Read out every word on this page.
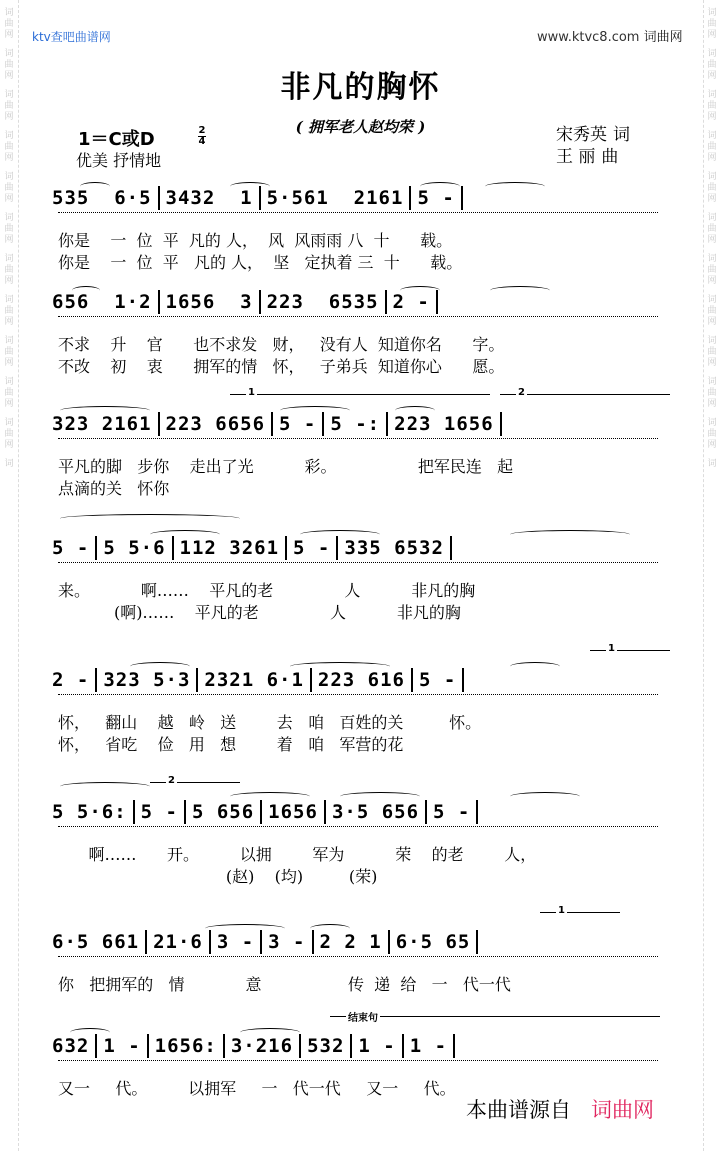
词
曲
网
词
曲
网
词
曲
网
词
曲
网
词
曲
网
词
曲
网
词
曲
网
词
曲
网
词
曲
网
词
曲
网
词
曲
网
词
词
曲
网
词
曲
网
词
曲
网
词
曲
网
词
曲
网
词
曲
网
词
曲
网
词
曲
网
词
曲
网
词
曲
网
词
曲
网
词
ktv查吧曲谱网	www.ktvc8.com 词曲网
非凡的胸怀
( 拥军老人赵均荣 )
1＝C或D	2
4
优美 抒情地
宋秀英 词
王 丽 曲
535  6·5 3432  1 5·561  2161 5 -
你是    一  位  平  凡的 人，  风  风雨雨 八  十      载。
你是    一  位  平   凡的 人，  坚   定执着 三  十      载。
656  1·2 1656  3 223  6535 2 -
不求    升    官      也不求发   财，   没有人  知道你名      字。
不改    初    衷      拥军的情   怀，   子弟兵  知道你心      愿。
323 2161 223 6656 5 - 5 -: 223 1656
平凡的脚   步你    走出了光          彩。                把军民连   起
点滴的关   怀你
1	2
5 - 5 5·6 112 3261 5 - 335 6532
来。          啊……    平凡的老              人          非凡的胸
(啊)……    平凡的老              人          非凡的胸
2 - 323 5·3 2321 6·1 223 616 5 -
怀，   翻山    越   岭   送        去   咱   百姓的关         怀。
怀，   省吃    俭   用   想        着   咱   军营的花
1
5 5·6: 5 - 5 656 1656 3·5 656 5 -
啊……      开。        以拥        军为          荣    的老        人，
(赵)    (均)         (荣)
2
6·5 661 21·6 3 - 3 - 2 2 1 6·5 65
你   把拥军的   情            意                 传  递  给   一   代一代
1
632 1 - 1656: 3·216 532 1 - 1 -
又一     代。        以拥军     一   代一代     又一     代。
结束句
本曲谱源自 词曲网
